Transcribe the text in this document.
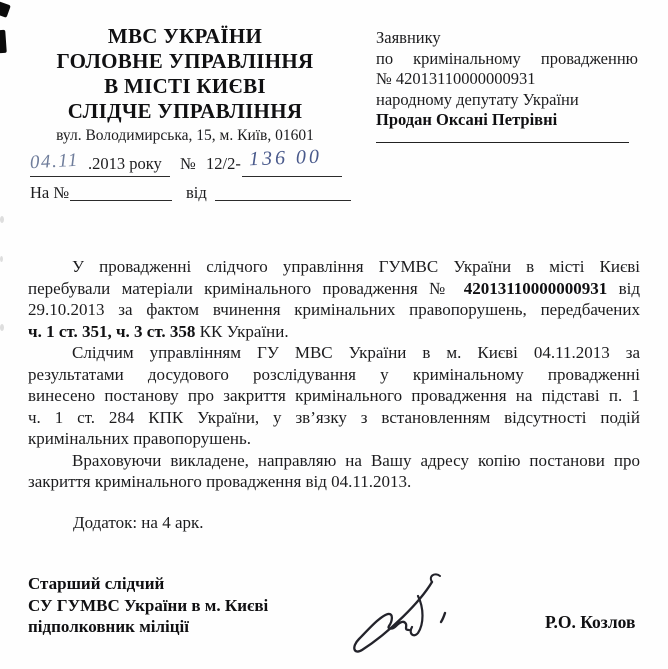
МВС УКРАЇНИ
ГОЛОВНЕ УПРАВЛІННЯ
В МІСТІ КИЄВІ
СЛІДЧЕ УПРАВЛІННЯ
вул. Володимирська, 15, м. Київ, 01601
04.11 .2013 року № 12/2- 136 00
На №	від
Заявнику
по кримінальному провадженню
№ 42013110000000931
народному депутату України
Продан Оксані Петрівні
У провадженні слідчого управління ГУМВС України в місті Києві
перебували матеріали кримінального провадження № 42013110000000931 від
29.10.2013 за фактом вчинення кримінальних правопорушень, передбачених
ч. 1 ст. 351, ч. 3 ст. 358 КК України.
Слідчим управлінням ГУ МВС України в м. Києві 04.11.2013 за
результатами досудового розслідування у кримінальному провадженні
винесено постанову про закриття кримінального провадження на підставі п. 1
ч. 1 ст. 284 КПК України, у зв’язку з встановленням відсутності подій
кримінальних правопорушень.
Враховуючи викладене, направляю на Вашу адресу копію постанови про
закриття кримінального провадження від 04.11.2013.
Додаток: на 4 арк.
Старший слідчий
СУ ГУМВС України в м. Києві
підполковник міліції	Р.О. Козлов
